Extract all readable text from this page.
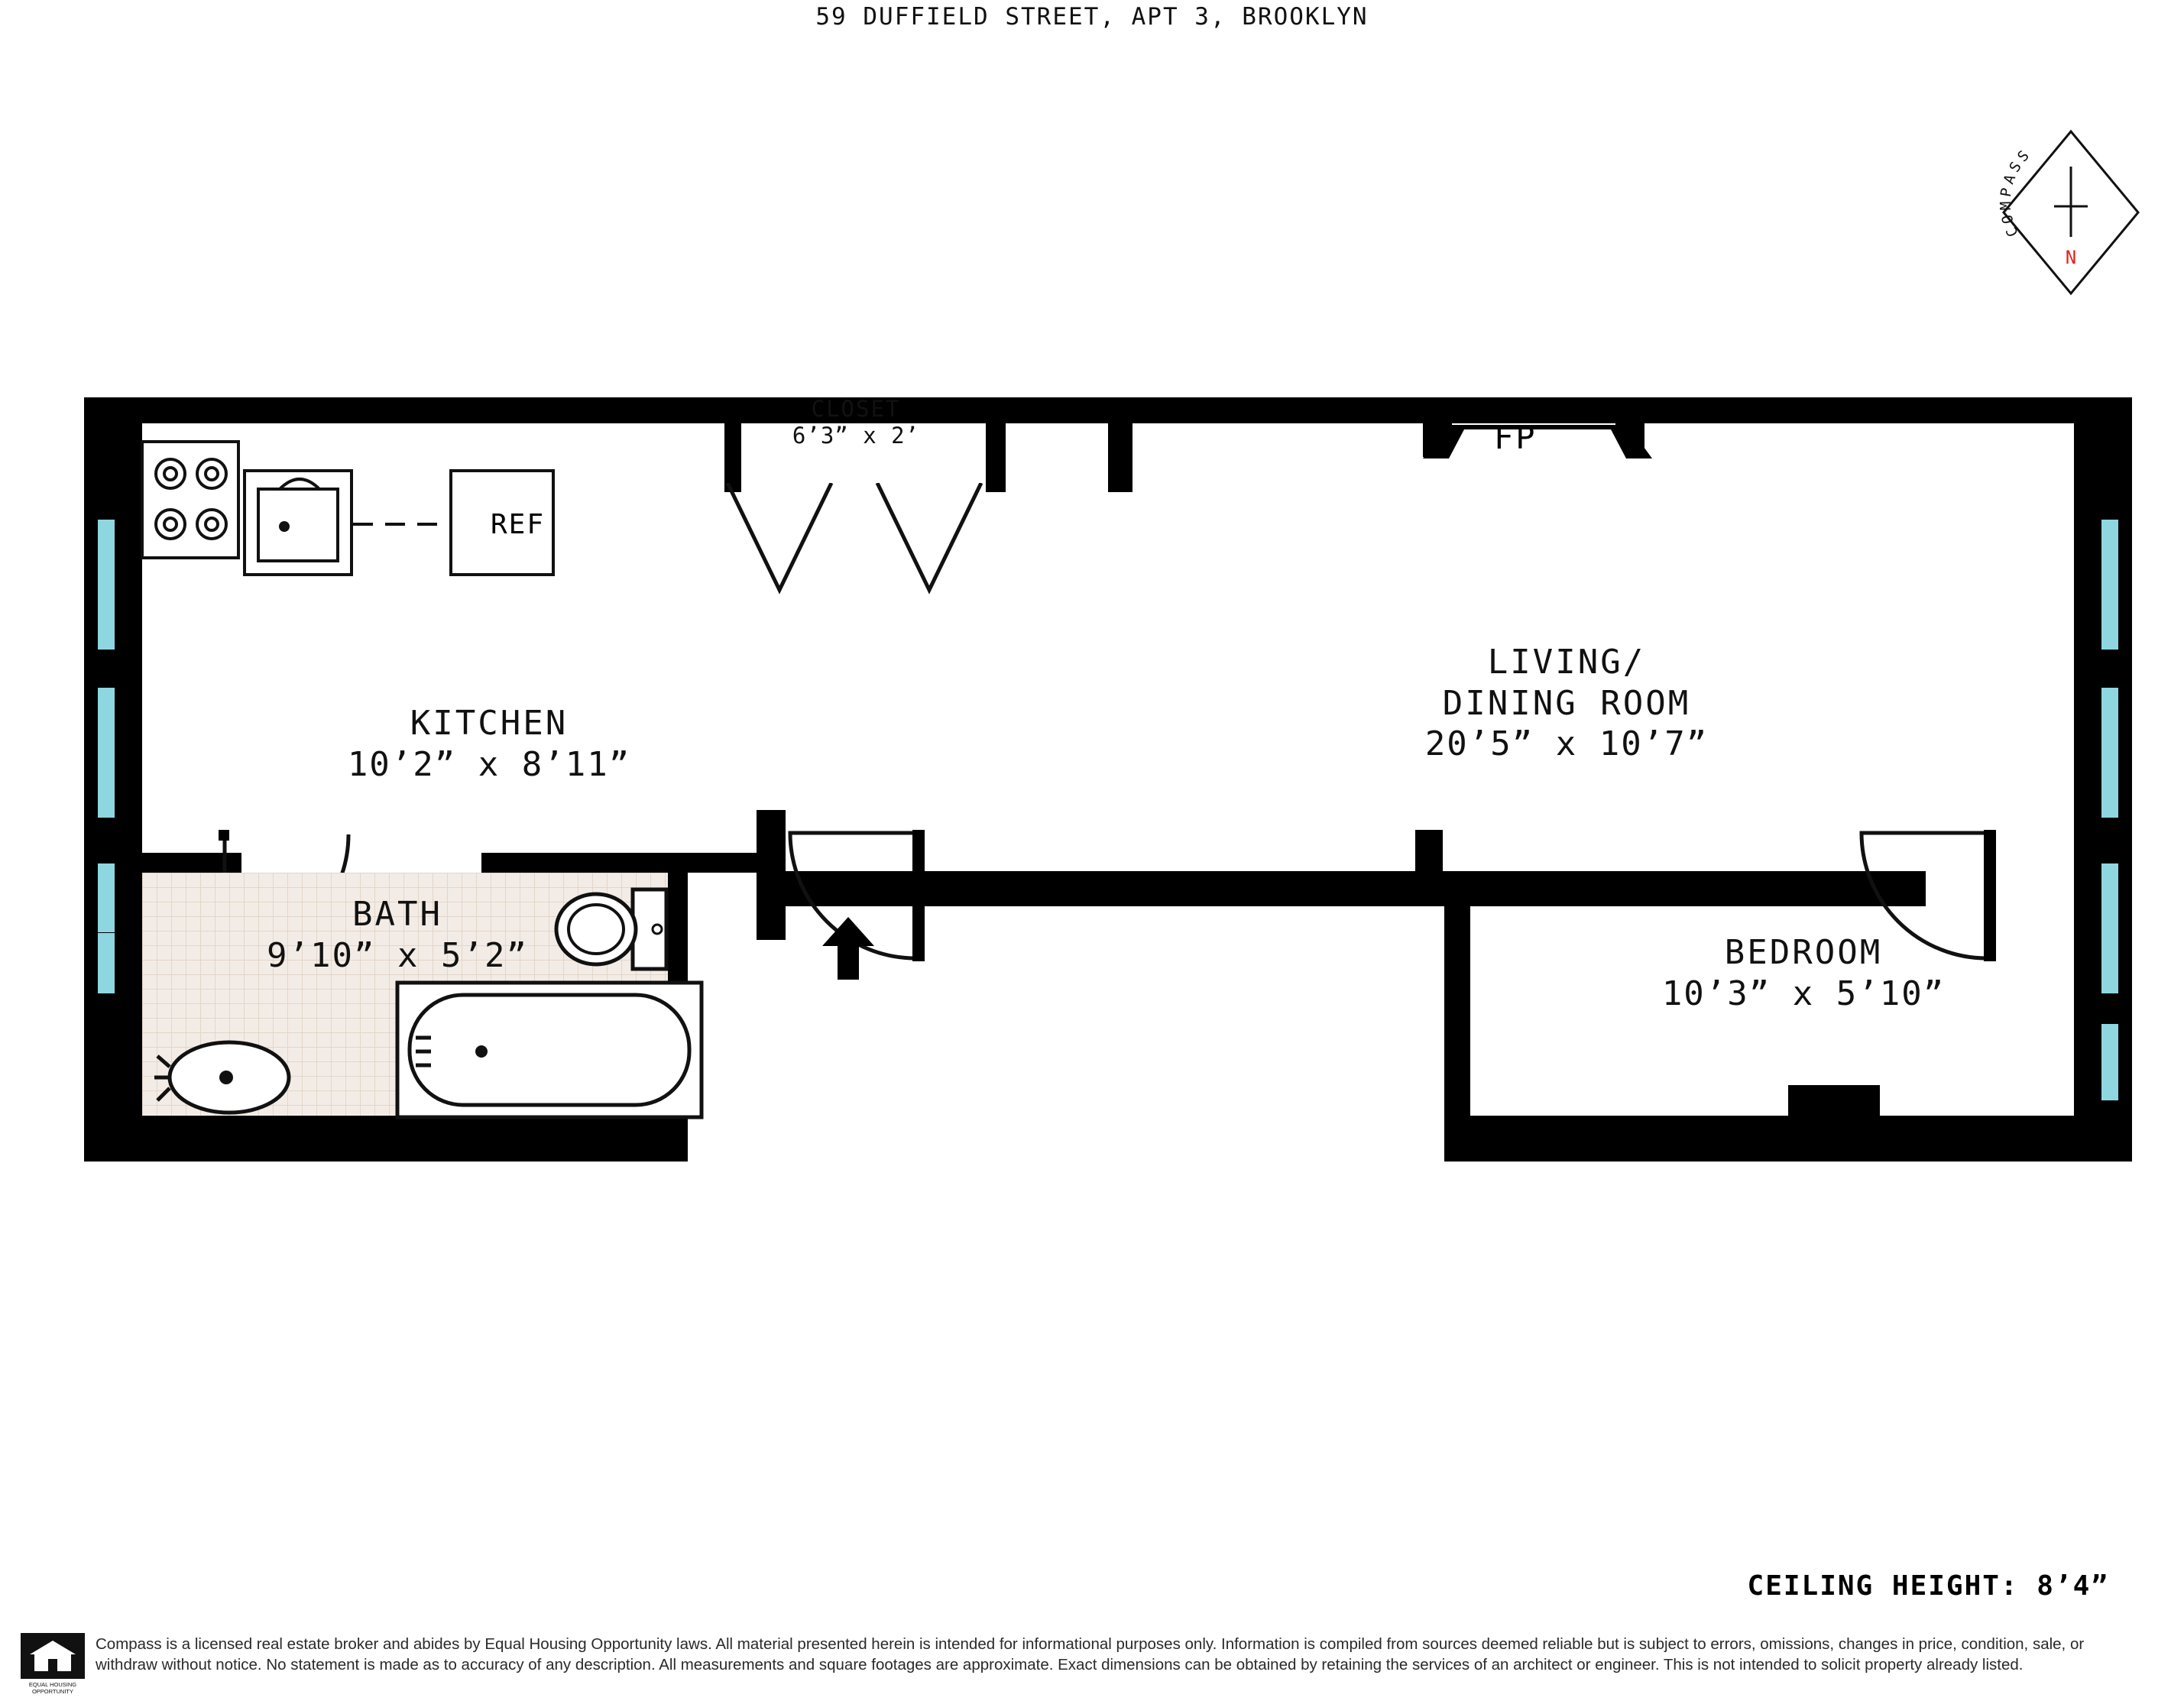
59 DUFFIELD STREET, APT 3, BROOKLYN
COMPASS
N
FP
REF
KITCHEN
10’2” x 8’11”
CLOSET
6’3” x 2’
LIVING/
DINING ROOM
20’5” x 10’7”
BATH
9’10” x 5’2”	BEDROOM
10’3” x 5’10”
CEILING HEIGHT: 8’4”
EQUAL HOUSING
OPPORTUNITY
Compass is a licensed real estate broker and abides by Equal Housing Opportunity laws. All material presented herein is intended for informational purposes only. Information is compiled from sources deemed reliable but is subject to errors, omissions, changes in price, condition, sale, or withdraw without notice. No statement is made as to accuracy of any description. All measurements and square footages are approximate. Exact dimensions can be obtained by retaining the services of an architect or engineer. This is not intended to solicit property already listed.
